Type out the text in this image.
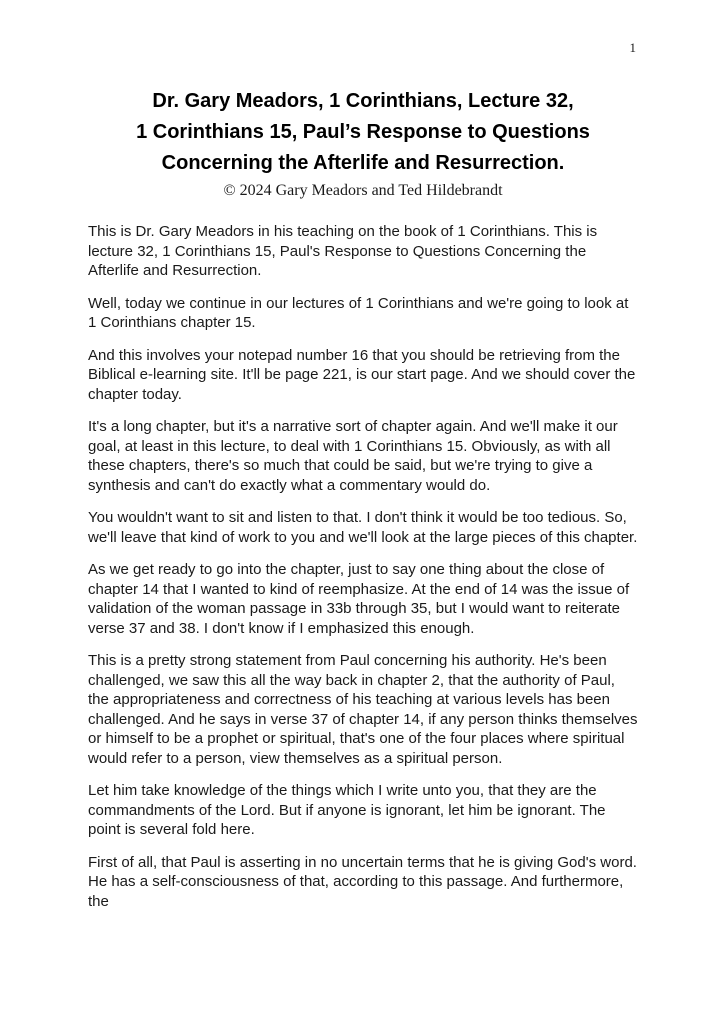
1
Dr. Gary Meadors, 1 Corinthians, Lecture 32,
1 Corinthians 15, Paul’s Response to Questions
Concerning the Afterlife and Resurrection.
© 2024 Gary Meadors and Ted Hildebrandt

This is Dr. Gary Meadors in his teaching on the book of 1 Corinthians. This is lecture 32, 1 Corinthians 15, Paul's Response to Questions Concerning the Afterlife and Resurrection.

Well, today we continue in our lectures of 1 Corinthians and we're going to look at 1 Corinthians chapter 15.

And this involves your notepad number 16 that you should be retrieving from the Biblical e-learning site. It'll be page 221, is our start page. And we should cover the chapter today.

It's a long chapter, but it's a narrative sort of chapter again. And we'll make it our goal, at least in this lecture, to deal with 1 Corinthians 15. Obviously, as with all these chapters, there's so much that could be said, but we're trying to give a synthesis and can't do exactly what a commentary would do.

You wouldn't want to sit and listen to that. I don't think it would be too tedious. So, we'll leave that kind of work to you and we'll look at the large pieces of this chapter.

As we get ready to go into the chapter, just to say one thing about the close of chapter 14 that I wanted to kind of reemphasize. At the end of 14 was the issue of validation of the woman passage in 33b through 35, but I would want to reiterate verse 37 and 38. I don't know if I emphasized this enough.

This is a pretty strong statement from Paul concerning his authority. He's been challenged, we saw this all the way back in chapter 2, that the authority of Paul, the appropriateness and correctness of his teaching at various levels has been challenged. And he says in verse 37 of chapter 14, if any person thinks themselves or himself to be a prophet or spiritual, that's one of the four places where spiritual would refer to a person, view themselves as a spiritual person.

Let him take knowledge of the things which I write unto you, that they are the commandments of the Lord. But if anyone is ignorant, let him be ignorant. The point is several fold here.

First of all, that Paul is asserting in no uncertain terms that he is giving God's word. He has a self-consciousness of that, according to this passage. And furthermore, the
